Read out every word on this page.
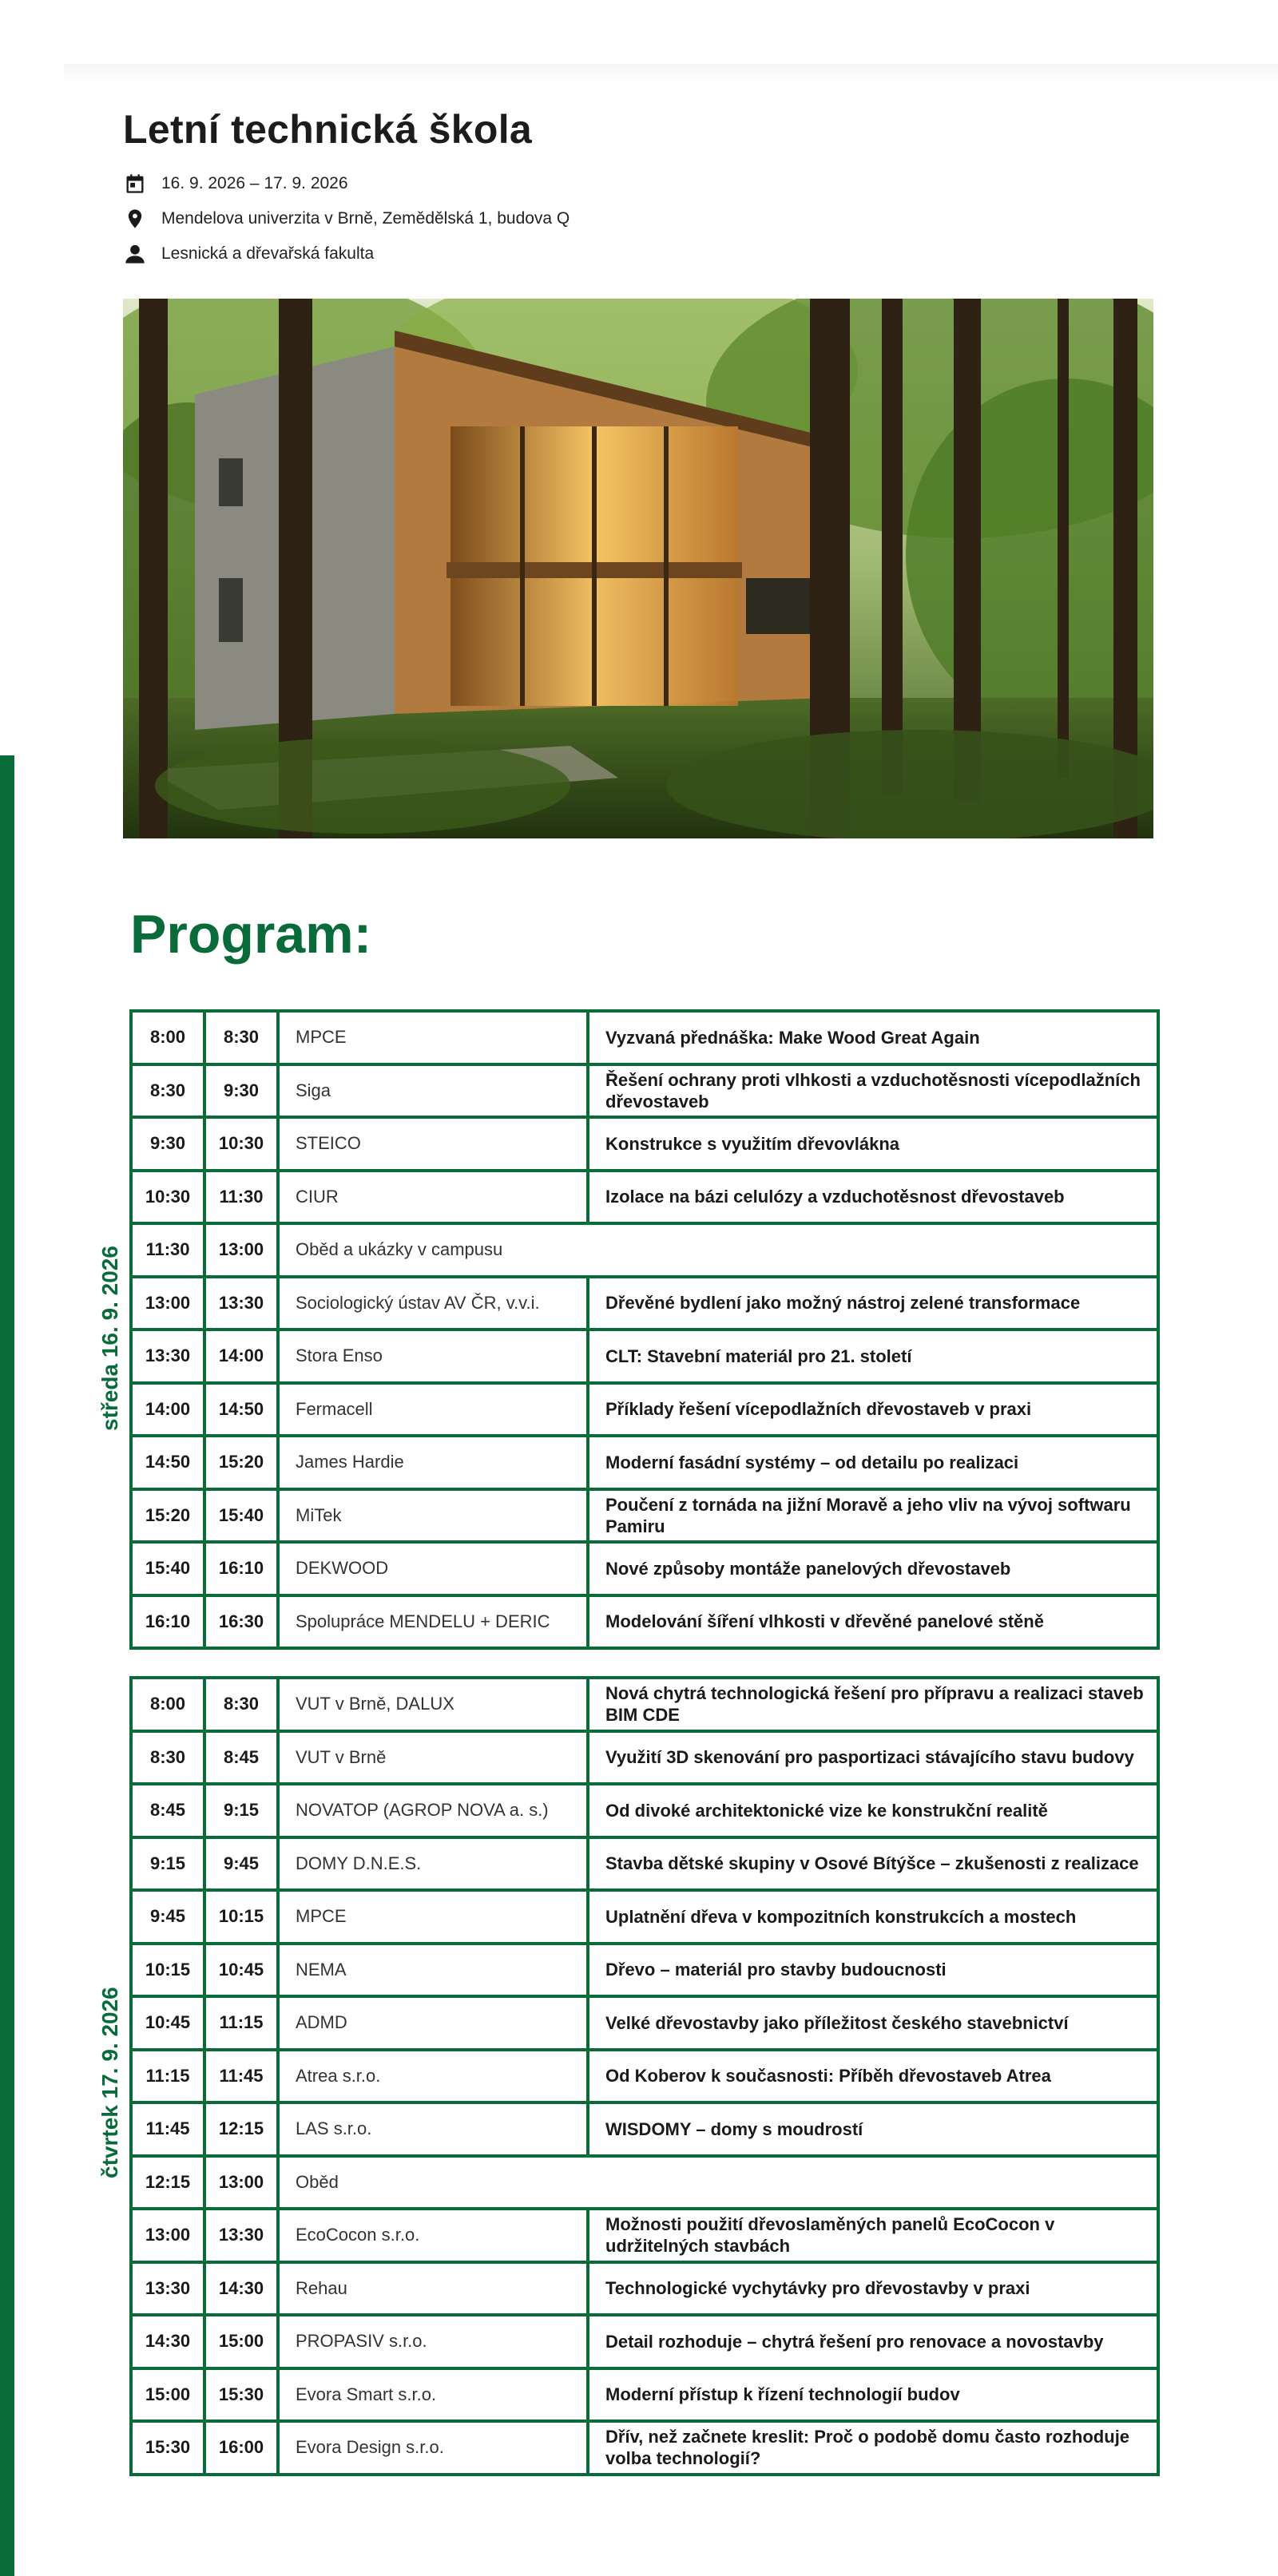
Letní technická škola
16. 9. 2026 – 17. 9. 2026
Mendelova univerzita v Brně, Zemědělská 1, budova Q
Lesnická a dřevařská fakulta
Program:
středa 16. 9. 2026
8:00	8:30	MPCE	Vyzvaná přednáška: Make Wood Great Again
8:30	9:30	Siga	Řešení ochrany proti vlhkosti a vzduchotěsnosti vícepodlažních dřevostaveb
9:30	10:30	STEICO	Konstrukce s využitím dřevovlákna
10:30	11:30	CIUR	Izolace na bázi celulózy a vzduchotěsnost dřevostaveb
11:30	13:00	Oběd a ukázky v campusu	
13:00	13:30	Sociologický ústav AV ČR, v.v.i.	Dřevěné bydlení jako možný nástroj zelené transformace
13:30	14:00	Stora Enso	CLT: Stavební materiál pro 21. století
14:00	14:50	Fermacell	Příklady řešení vícepodlažních dřevostaveb v praxi
14:50	15:20	James Hardie	Moderní fasádní systémy – od detailu po realizaci
15:20	15:40	MiTek	Poučení z tornáda na jižní Moravě a jeho vliv na vývoj softwaru Pamiru
15:40	16:10	DEKWOOD	Nové způsoby montáže panelových dřevostaveb
16:10	16:30	Spolupráce MENDELU + DERIC	Modelování šíření vlhkosti v dřevěné panelové stěně
čtvrtek 17. 9. 2026
8:00	8:30	VUT v Brně, DALUX	Nová chytrá technologická řešení pro přípravu a realizaci staveb BIM CDE
8:30	8:45	VUT v Brně	Využití 3D skenování pro pasportizaci stávajícího stavu budovy
8:45	9:15	NOVATOP (AGROP NOVA a. s.)	Od divoké architektonické vize ke konstrukční realitě
9:15	9:45	DOMY D.N.E.S.	Stavba dětské skupiny v Osové Bítýšce – zkušenosti z realizace
9:45	10:15	MPCE	Uplatnění dřeva v kompozitních konstrukcích a mostech
10:15	10:45	NEMA	Dřevo – materiál pro stavby budoucnosti
10:45	11:15	ADMD	Velké dřevostavby jako příležitost českého stavebnictví
11:15	11:45	Atrea s.r.o.	Od Koberov k současnosti: Příběh dřevostaveb Atrea
11:45	12:15	LAS s.r.o.	WISDOMY – domy s moudrostí
12:15	13:00	Oběd	
13:00	13:30	EcoCocon s.r.o.	Možnosti použití dřevoslaměných panelů EcoCocon v udržitelných stavbách
13:30	14:30	Rehau	Technologické vychytávky pro dřevostavby v praxi
14:30	15:00	PROPASIV s.r.o.	Detail rozhoduje – chytrá řešení pro renovace a novostavby
15:00	15:30	Evora Smart s.r.o.	Moderní přístup k řízení technologií budov
15:30	16:00	Evora Design s.r.o.	Dřív, než začnete kreslit: Proč o podobě domu často rozhoduje volba technologií?
